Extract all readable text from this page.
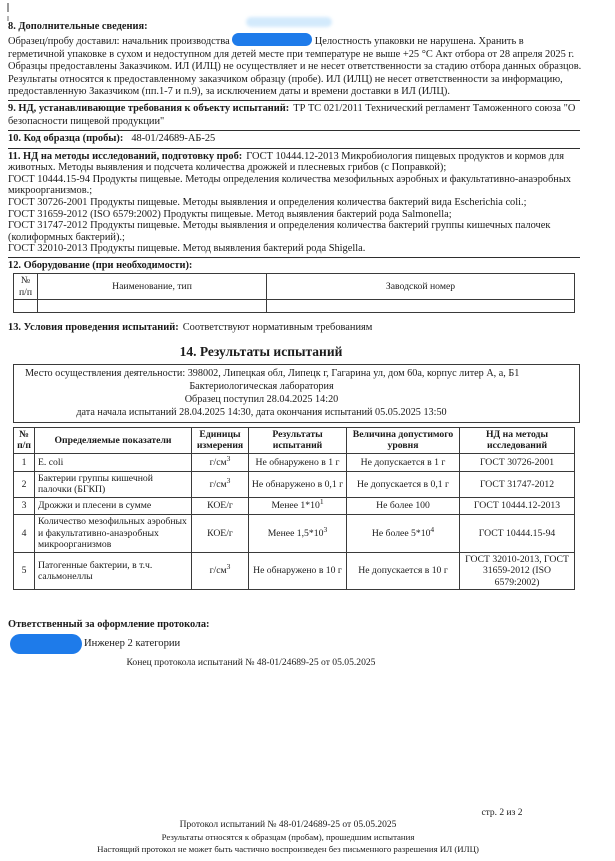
8. Дополнительные сведения:

Образец/пробу доставил: начальник производства	Целостность упаковки не нарушена. Хранить в герметичной упаковке в сухом и недоступном для детей месте при температуре не выше +25 °C Акт отбора от 28 апреля 2025 г.

Образцы предоставлены Заказчиком. ИЛ (ИЛЦ) не осуществляет и не несет ответственности за стадию отбора данных образцов. Результаты относятся к предоставленному заказчиком образцу (пробе). ИЛ (ИЛЦ) не несет ответственности за информацию, предоставленную Заказчиком (пп.1-7 и п.9), за исключением даты и времени доставки в ИЛ (ИЛЦ).

9. НД, устанавливающие требования к объекту испытаний: ТР ТС 021/2011 Технический регламент Таможенного союза "О безопасности пищевой продукции"

10. Код образца (пробы): 48-01/24689-АБ-25

11. НД на методы исследований, подготовку проб: ГОСТ 10444.12-2013 Микробиология пищевых продуктов и кормов для животных. Методы выявления и подсчета количества дрожжей и плесневых грибов (с Поправкой);

ГОСТ 10444.15-94 Продукты пищевые. Методы определения количества мезофильных аэробных и факультативно-анаэробных микроорганизмов.;

ГОСТ 30726-2001 Продукты пищевые. Методы выявления и определения количества бактерий вида Escherichia coli.;

ГОСТ 31659-2012 (ISO 6579:2002) Продукты пищевые. Метод выявления бактерий рода Salmonella;

ГОСТ 31747-2012 Продукты пищевые. Методы выявления и определения количества бактерий группы кишечных палочек (колиформных бактерий).;

ГОСТ 32010-2013 Продукты пищевые. Метод выявления бактерий рода Shigella.

12. Оборудование (при необходимости):

№
п/п	Наименование, тип	Заводской номер

13. Условия проведения испытаний: Соответствуют нормативным требованиям

14. Результаты испытаний
Место осуществления деятельности: 398002, Липецкая обл, Липецк г, Гагарина ул, дом 60а, корпус литер А, а, Б1
Бактериологическая лаборатория
Образец поступил 28.04.2025 14:20
дата начала испытаний 28.04.2025 14:30, дата окончания испытаний 05.05.2025 13:50
№
п/п	Определяемые показатели	Единицы измерения	Результаты испытаний	Величина допустимого уровня	НД на методы исследований
1	E. coli	$г/см^3$	Не обнаружено в 1 г	Не допускается в 1 г	ГОСТ 30726-2001
2	Бактерии группы кишечной палочки (БГКП)	$г/см^3$	Не обнаружено в 0,1 г	Не допускается в 0,1 г	ГОСТ 31747-2012
3	Дрожжи и плесени в сумме	КОЕ/г	Менее $1*10^1$	Не более 100	ГОСТ 10444.12-2013
4	Количество мезофильных аэробных и факультативно-анаэробных микроорганизмов	КОЕ/г	Менее $1,5*10^3$	Не более $5*10^4$	ГОСТ 10444.15-94
5	Патогенные бактерии, в т.ч. сальмонеллы	$г/см^3$	Не обнаружено в 10 г	Не допускается в 10 г	ГОСТ 32010-2013, ГОСТ 31659-2012 (ISO 6579:2002)

Ответственный за оформление протокола:

Инженер 2 категории
Конец протокола испытаний № 48-01/24689-25 от 05.05.2025
стр. 2 из 2
Протокол испытаний № 48-01/24689-25 от 05.05.2025
Результаты относятся к образцам (пробам), прошедшим испытания
Настоящий протокол не может быть частично воспроизведен без письменного разрешения ИЛ (ИЛЦ)
